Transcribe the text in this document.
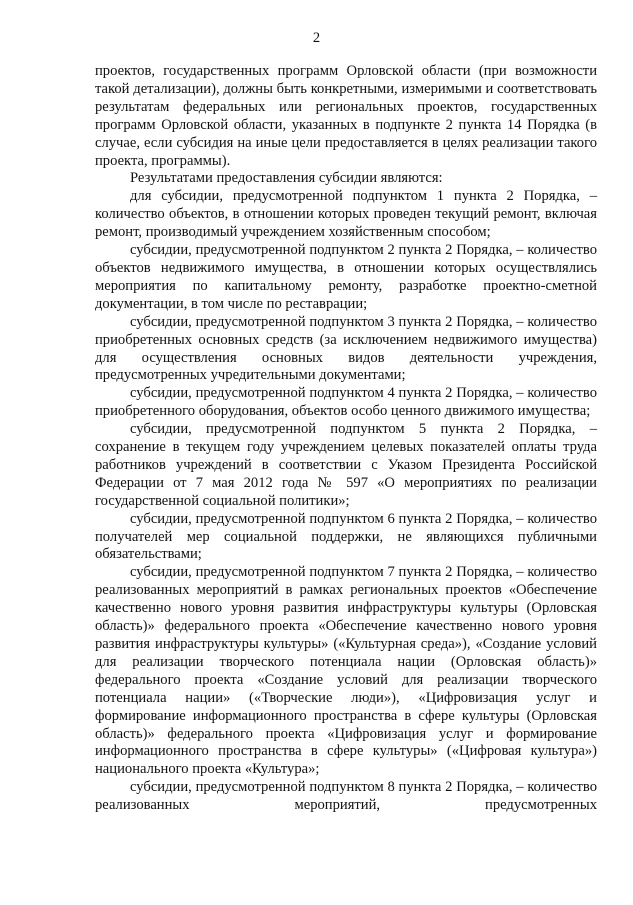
2

проектов, государственных программ Орловской области (при возможности такой детализации), должны быть конкретными, измеримыми и соответствовать результатам федеральных или региональных проектов, государственных программ Орловской области, указанных в подпункте 2 пункта 14 Порядка (в случае, если субсидия на иные цели предоставляется в целях реализации такого проекта, программы).

Результатами предоставления субсидии являются:

для субсидии, предусмотренной подпунктом 1 пункта 2 Порядка, – количество объектов, в отношении которых проведен текущий ремонт, включая ремонт, производимый учреждением хозяйственным способом;

субсидии, предусмотренной подпунктом 2 пункта 2 Порядка, – количество объектов недвижимого имущества, в отношении которых осуществлялись мероприятия по капитальному ремонту, разработке проектно-сметной документации, в том числе по реставрации;

субсидии, предусмотренной подпунктом 3 пункта 2 Порядка, – количество приобретенных основных средств (за исключением недвижимого имущества) для осуществления основных видов деятельности учреждения, предусмотренных учредительными документами;

субсидии, предусмотренной подпунктом 4 пункта 2 Порядка, – количество приобретенного оборудования, объектов особо ценного движимого имущества;

субсидии, предусмотренной подпунктом 5 пункта 2 Порядка, – сохранение в текущем году учреждением целевых показателей оплаты труда работников учреждений в соответствии с Указом Президента Российской Федерации от 7 мая 2012 года № 597 «О мероприятиях по реализации государственной социальной политики»;

субсидии, предусмотренной подпунктом 6 пункта 2 Порядка, – количество получателей мер социальной поддержки, не являющихся публичными обязательствами;

субсидии, предусмотренной подпунктом 7 пункта 2 Порядка, – количество реализованных мероприятий в рамках региональных проектов «Обеспечение качественно нового уровня развития инфраструктуры культуры (Орловская область)» федерального проекта «Обеспечение качественно нового уровня развития инфраструктуры культуры» («Культурная среда»), «Создание условий для реализации творческого потенциала нации (Орловская область)» федерального проекта «Создание условий для реализации творческого потенциала нации» («Творческие люди»), «Цифровизация услуг и формирование информационного пространства в сфере культуры (Орловская область)» федерального проекта «Цифровизация услуг и формирование информационного пространства в сфере культуры» («Цифровая культура») национального проекта «Культура»;

субсидии, предусмотренной подпунктом 8 пункта 2 Порядка, – количество реализованных мероприятий, предусмотренных
